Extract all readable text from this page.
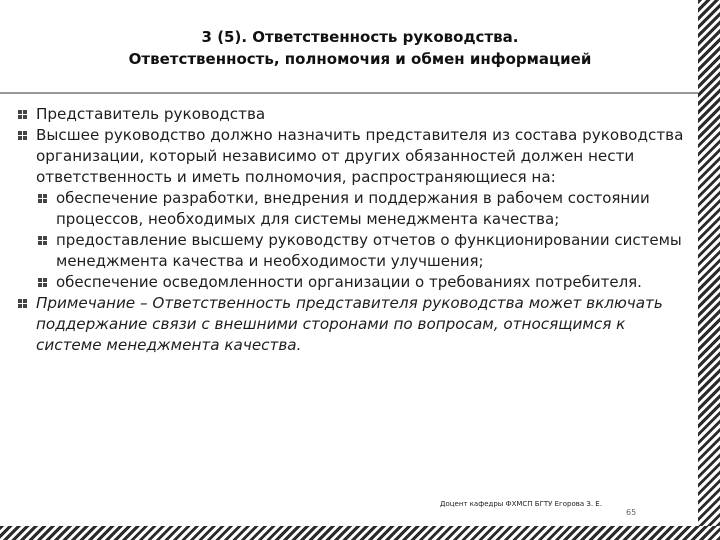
3 (5). Ответственность руководства.
Ответственность, полномочия и обмен информацией
Представитель руководства
Высшее руководство должно назначить представителя из состава руководства организации, который независимо от других обязанностей должен нести ответственность и иметь полномочия, распространяющиеся на:
обеспечение разработки, внедрения и поддержания в рабочем состоянии процессов, необходимых для системы менеджмента качества;
предоставление высшему руководству отчетов о функционировании системы менеджмента качества и необходимости улучшения;
обеспечение осведомленности организации о требованиях потребителя.
Примечание – Ответственность представителя руководства может включать поддержание связи с внешними сторонами по вопросам, относящимся к системе менеджмента качества.
Доцент кафедры ФХМСП БГТУ Егорова З. Е.
65
